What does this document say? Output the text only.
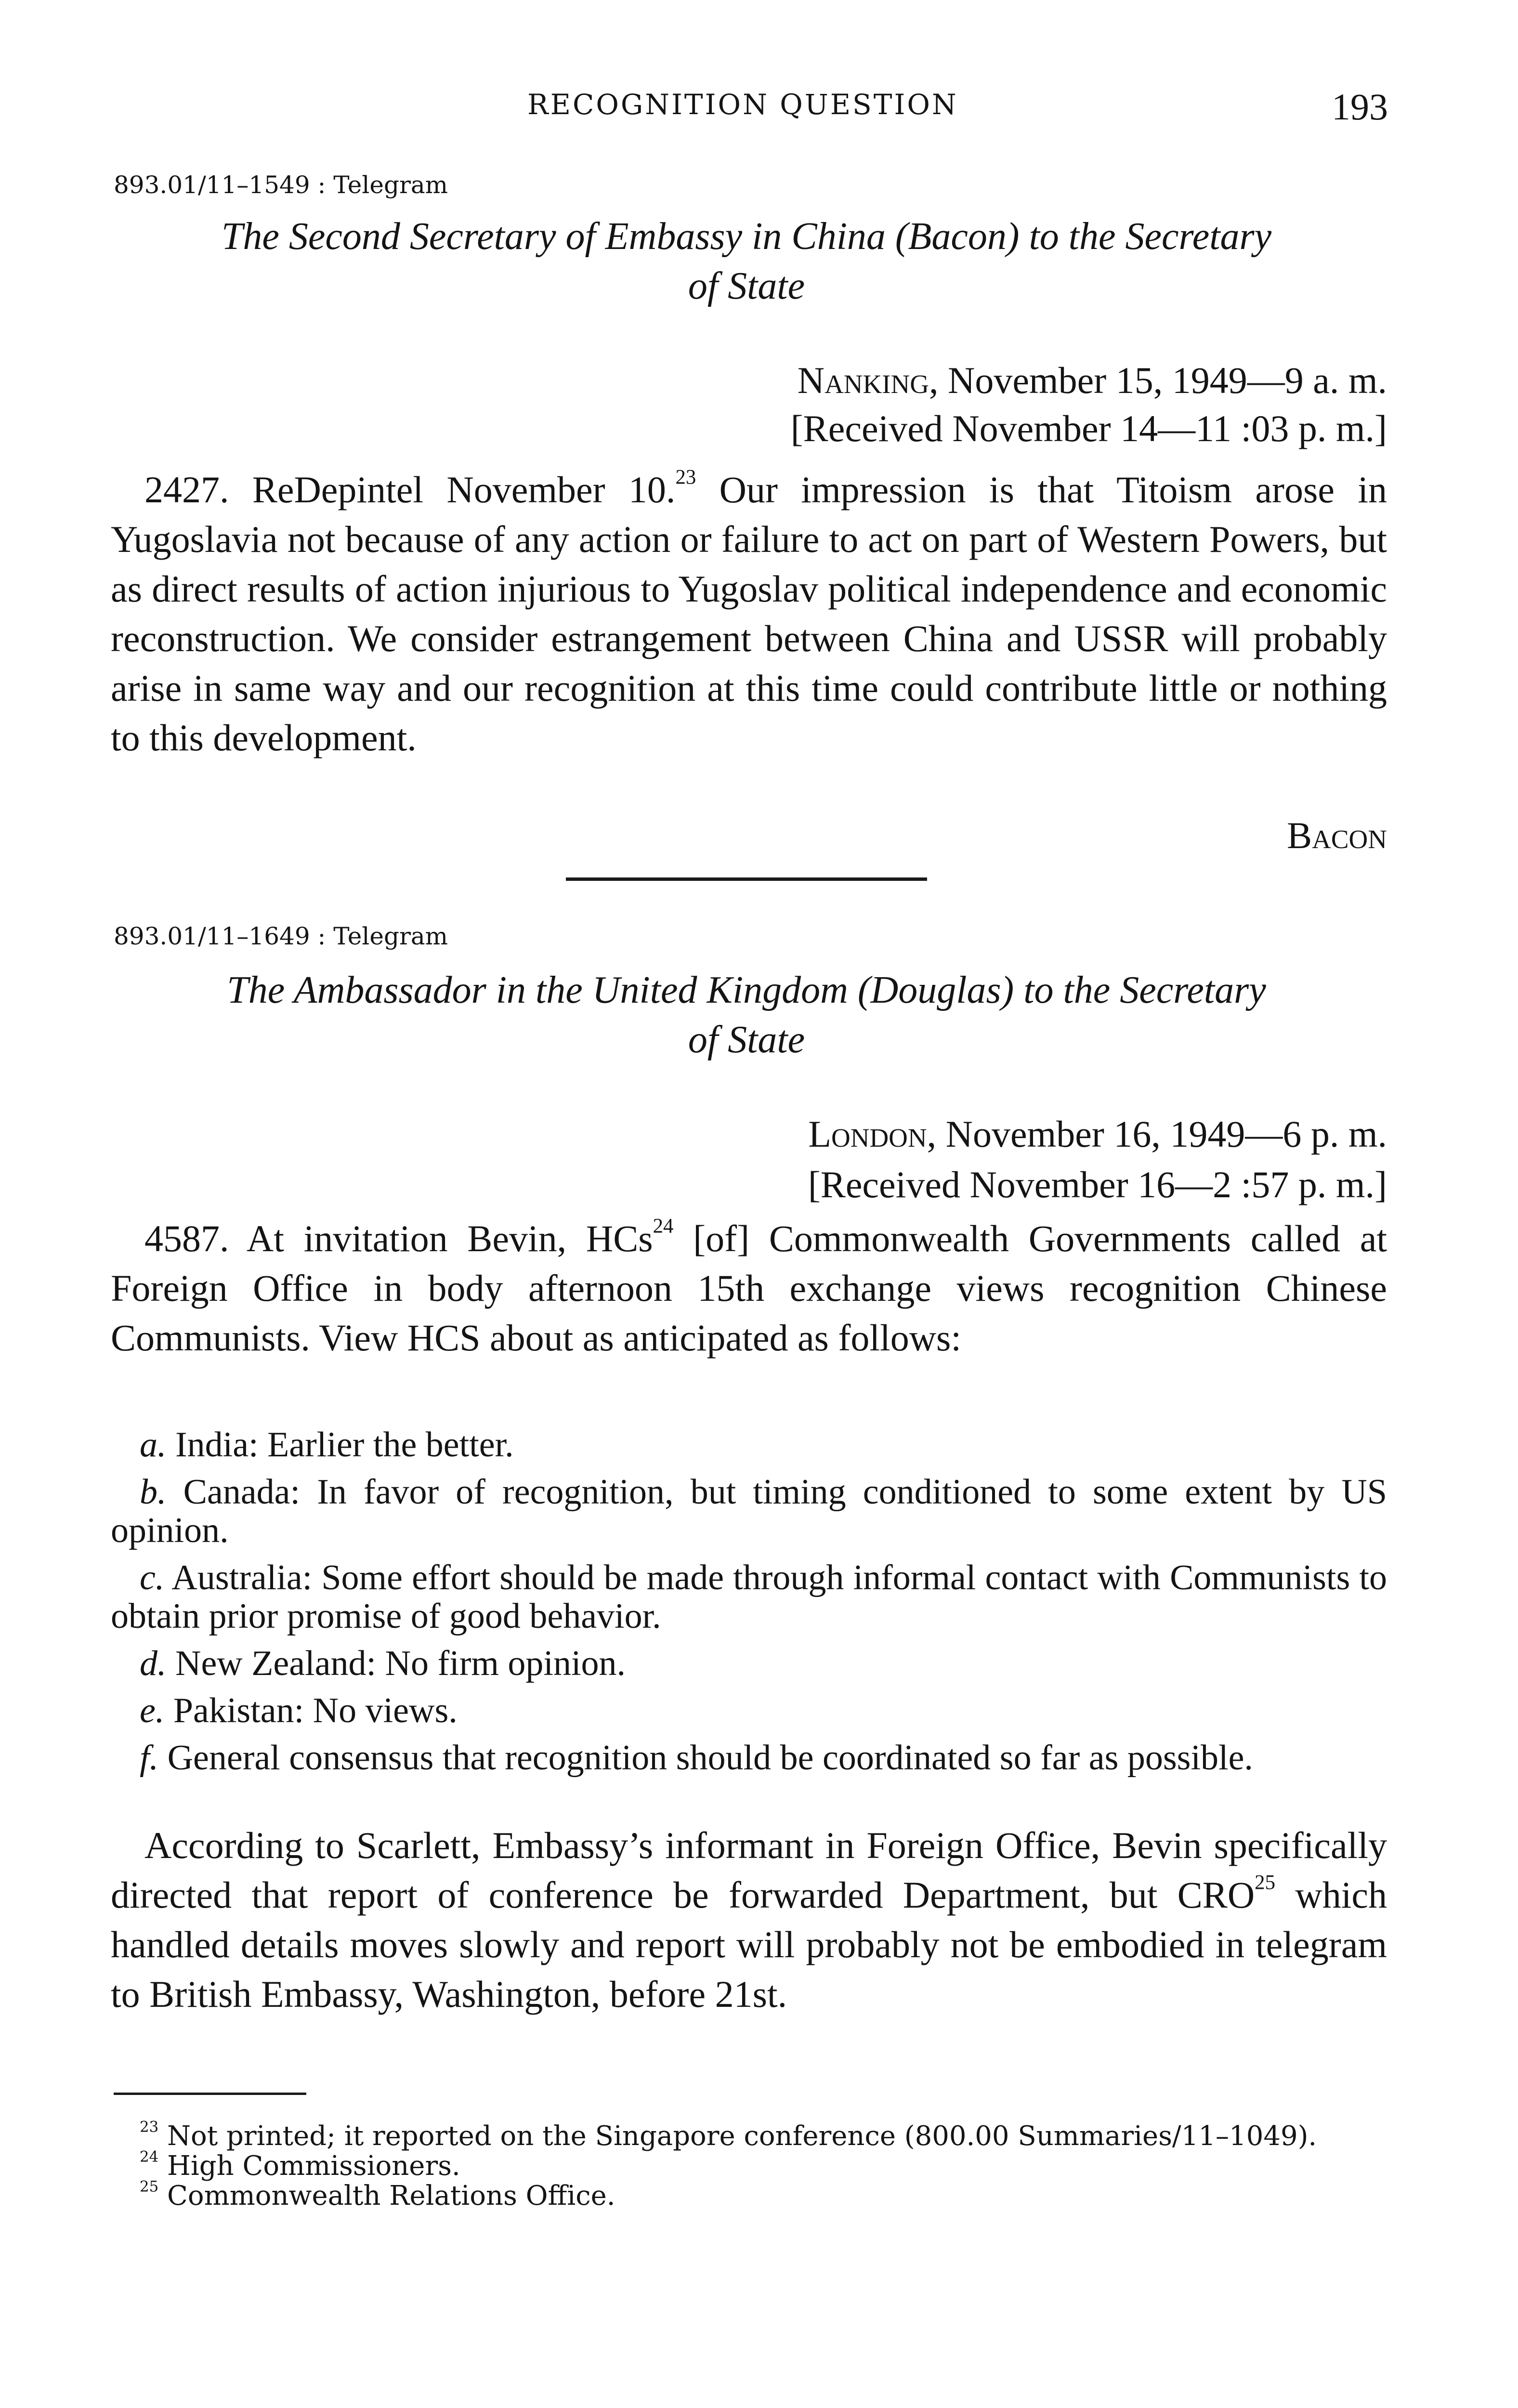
RECOGNITION QUESTION	193
893.01/11–1549 : Telegram
The Second Secretary of Embassy in China (Bacon) to the Secretary
of State
Nanking, November 15, 1949—9 a. m.
[Received November 14—11 :03 p. m.]
2427. ReDepintel November 10.23 Our impression is that Titoism arose in Yugoslavia not because of any action or failure to act on part of Western Powers, but as direct results of action injurious to Yugoslav political independence and economic reconstruction. We consider estrangement between China and USSR will probably arise in same way and our recognition at this time could contribute little or nothing to this development.
Bacon
893.01/11–1649 : Telegram
The Ambassador in the United Kingdom (Douglas) to the Secretary
of State
London, November 16, 1949—6 p. m.
[Received November 16—2 :57 p. m.]
4587. At invitation Bevin, HCs$^{24}$ [of] Commonwealth Governments called at Foreign Office in body afternoon 15th exchange views recognition Chinese Communists. View HCS about as anticipated as follows:
a. India: Earlier the better.
b. Canada: In favor of recognition, but timing conditioned to some extent by US opinion.
c. Australia: Some effort should be made through informal contact with Communists to obtain prior promise of good behavior.
d. New Zealand: No firm opinion.
e. Pakistan: No views.
f. General consensus that recognition should be coordinated so far as possible.
According to Scarlett, Embassy’s informant in Foreign Office, Bevin specifically directed that report of conference be forwarded Department, but CRO$^{25}$ which handled details moves slowly and report will probably not be embodied in telegram to British Embassy, Washington, before 21st.

$^{23}$ Not printed; it reported on the Singapore conference (800.00 Summaries/11–1049).

$^{24}$ High Commissioners.

$^{25}$ Commonwealth Relations Office.
